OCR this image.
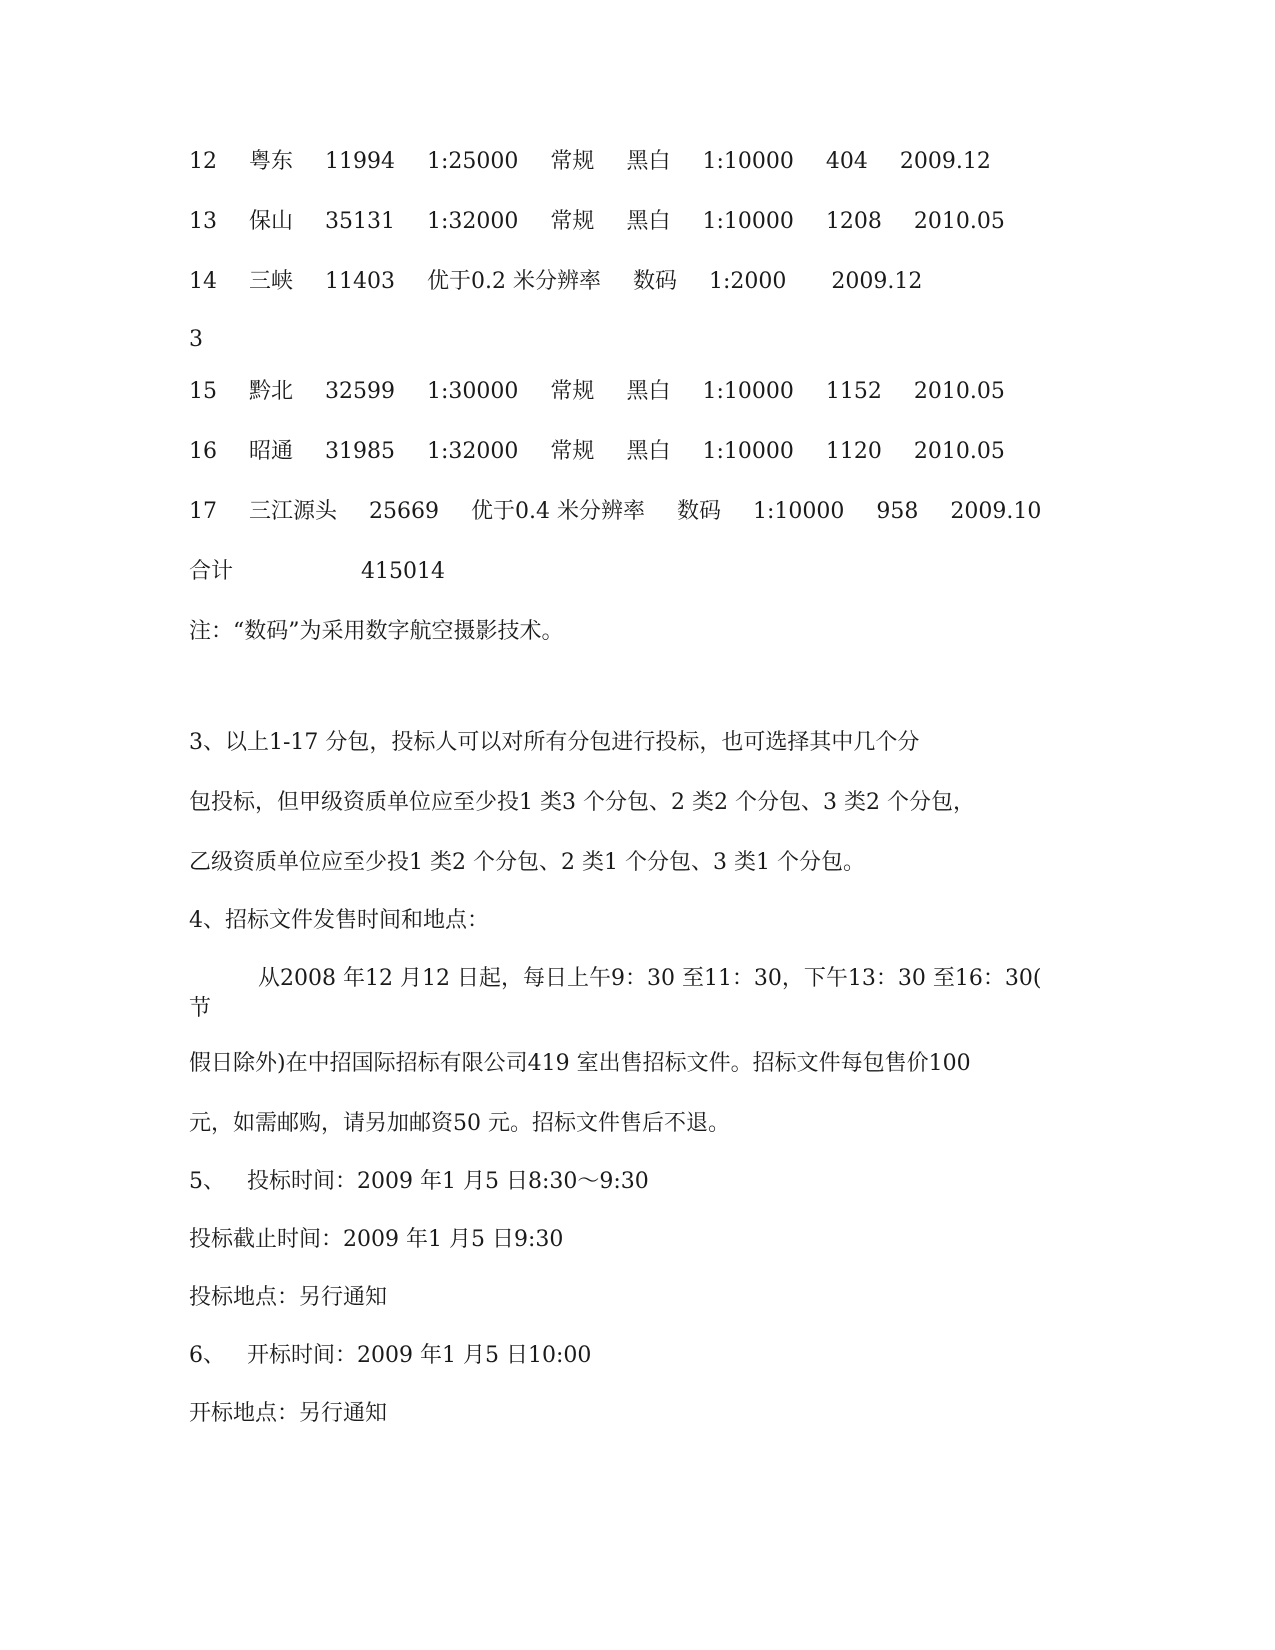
12 粤东 11994 1:25000 常规 黑白 1:10000 404 2009.12

13 保山 35131 1:32000 常规 黑白 1:10000 1208 2010.05

14 三峡 11403 优于0.2 米分辨率 数码 1:2000 2009.12

3

15 黔北 32599 1:30000 常规 黑白 1:10000 1152 2010.05

16 昭通 31985 1:32000 常规 黑白 1:10000 1120 2010.05

17 三江源头 25669 优于0.4 米分辨率 数码 1:10000 958 2009.10

合计	415014

注：“数码”为采用数字航空摄影技术。

3、以上1-17 分包，投标人可以对所有分包进行投标，也可选择其中几个分

包投标，但甲级资质单位应至少投1 类3 个分包、2 类2 个分包、3 类2 个分包，

乙级资质单位应至少投1 类2 个分包、2 类1 个分包、3 类1 个分包。

4、招标文件发售时间和地点：

从2008 年12 月12 日起，每日上午9：30 至11：30，下午13：30 至16：30(

节

假日除外)在中招国际招标有限公司419 室出售招标文件。招标文件每包售价100

元，如需邮购，请另加邮资50 元。招标文件售后不退。

5、 投标时间：2009 年1 月5 日8:30～9:30

投标截止时间：2009 年1 月5 日9:30

投标地点：另行通知

6、 开标时间：2009 年1 月5 日10:00

开标地点：另行通知
